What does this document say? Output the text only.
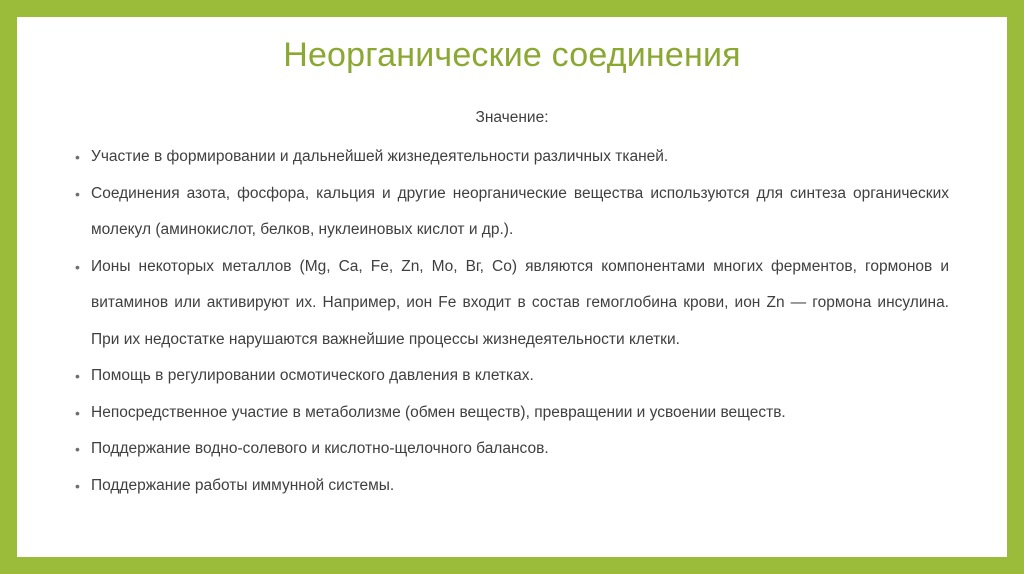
Неорганические соединения
Значение:
• Участие в формировании и дальнейшей жизнедеятельности различных тканей.
• Соединения азота, фосфора, кальция и другие неорганические вещества используются для синтеза органических молекул (аминокислот, белков, нуклеиновых кислот и др.).
• Ионы некоторых металлов (Mg, Ca, Fe, Zn, Mo, Вг, Со) являются компонентами многих ферментов, гормонов и витаминов или активируют их. Например, ион Fe входит в состав гемоглобина крови, ион Zn — гормона инсулина. При их недостатке нарушаются важнейшие процессы жизнедеятельности клетки.
• Помощь в регулировании осмотического давления в клетках.
• Непосредственное участие в метаболизме (обмен веществ), превращении и усвоении веществ.
• Поддержание водно-солевого и кислотно-щелочного балансов.
• Поддержание работы иммунной системы.
